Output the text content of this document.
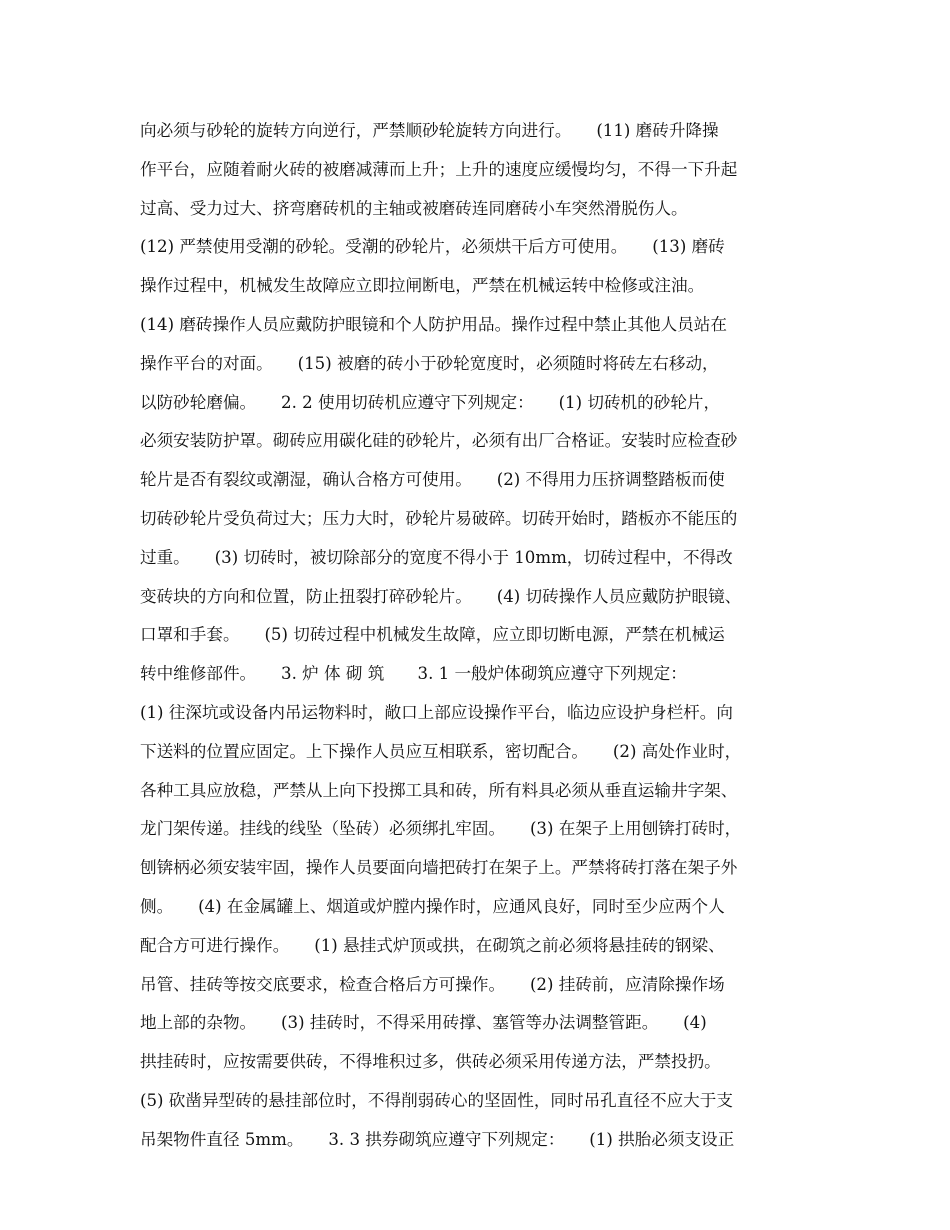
向必须与砂轮的旋转方向逆行，严禁顺砂轮旋转方向进行。　　(11) 磨砖升降操
作平台，应随着耐火砖的被磨减薄而上升；上升的速度应缓慢均匀，不得一下升起
过高、受力过大、挤弯磨砖机的主轴或被磨砖连同磨砖小车突然滑脱伤人。
(12) 严禁使用受潮的砂轮。受潮的砂轮片，必须烘干后方可使用。　　(13) 磨砖
操作过程中，机械发生故障应立即拉闸断电，严禁在机械运转中检修或注油。
(14) 磨砖操作人员应戴防护眼镜和个人防护用品。操作过程中禁止其他人员站在
操作平台的对面。　　(15) 被磨的砖小于砂轮宽度时，必须随时将砖左右移动，
以防砂轮磨偏。　　2. 2 使用切砖机应遵守下列规定：　　(1) 切砖机的砂轮片，
必须安装防护罩。砌砖应用碳化硅的砂轮片，必须有出厂合格证。安装时应检查砂
轮片是否有裂纹或潮湿，确认合格方可使用。　　(2) 不得用力压挤调整踏板而使
切砖砂轮片受负荷过大；压力大时，砂轮片易破碎。切砖开始时，踏板亦不能压的
过重。　　(3) 切砖时，被切除部分的宽度不得小于 10mm，切砖过程中，不得改
变砖块的方向和位置，防止扭裂打碎砂轮片。　　(4) 切砖操作人员应戴防护眼镜、
口罩和手套。　　(5) 切砖过程中机械发生故障，应立即切断电源，严禁在机械运
转中维修部件。　　3. 炉 体 砌 筑　　3. 1 一般炉体砌筑应遵守下列规定：
(1) 往深坑或设备内吊运物料时，敞口上部应设操作平台，临边应设护身栏杆。向
下送料的位置应固定。上下操作人员应互相联系，密切配合。　　(2) 高处作业时，
各种工具应放稳，严禁从上向下投掷工具和砖，所有料具必须从垂直运输井字架、
龙门架传递。挂线的线坠（坠砖）必须绑扎牢固。　　(3) 在架子上用刨锛打砖时，
刨锛柄必须安装牢固，操作人员要面向墙把砖打在架子上。严禁将砖打落在架子外
侧。　　(4) 在金属罐上、烟道或炉膛内操作时，应通风良好，同时至少应两个人
配合方可进行操作。　　(1) 悬挂式炉顶或拱，在砌筑之前必须将悬挂砖的钢梁、
吊管、挂砖等按交底要求，检查合格后方可操作。　　(2) 挂砖前，应清除操作场
地上部的杂物。　　(3) 挂砖时，不得采用砖撑、塞管等办法调整管距。　　(4)
拱挂砖时，应按需要供砖，不得堆积过多，供砖必须采用传递方法，严禁投扔。
(5) 砍凿异型砖的悬挂部位时，不得削弱砖心的坚固性，同时吊孔直径不应大于支
吊架物件直径 5mm。　　3. 3 拱券砌筑应遵守下列规定：　　(1) 拱胎必须支设正
